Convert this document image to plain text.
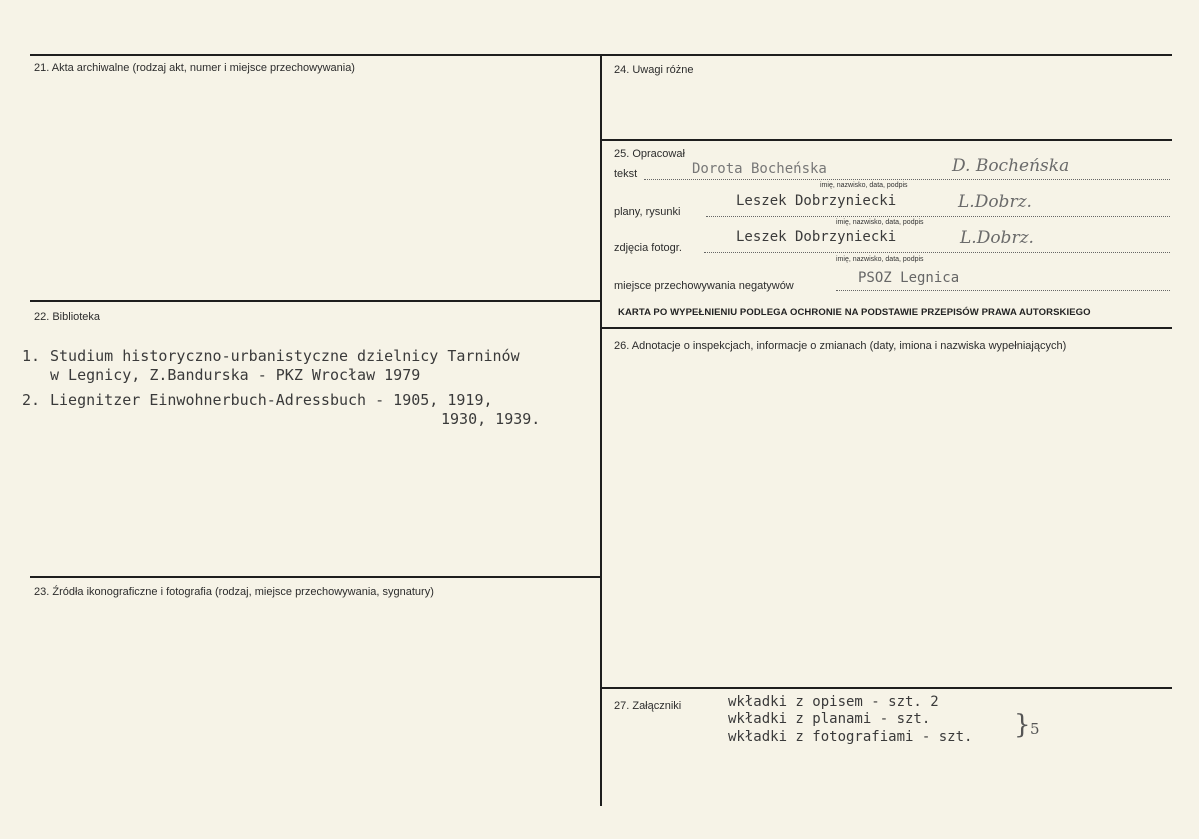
21. Akta archiwalne (rodzaj akt, numer i miejsce przechowywania)
22. Biblioteka
1. Studium historyczno-urbanistyczne dzielnicy Tarninów
w Legnicy, Z.Bandurska - PKZ Wrocław 1979
2. Liegnitzer Einwohnerbuch-Adressbuch - 1905, 1919,
1930, 1939.
23. Źródła ikonograficzne i fotografia (rodzaj, miejsce przechowywania, sygnatury)
24. Uwagi różne
25. Opracował
tekst	Dorota Bocheńska	D. Bocheńska
imię, nazwisko, data, podpis
plany, rysunki
Leszek Dobrzyniecki	L.Dobrz.
imię, nazwisko, data, podpis
zdjęcia fotogr.
Leszek Dobrzyniecki	L.Dobrz.
imię, nazwisko, data, podpis
miejsce przechowywania negatywów	PSOZ Legnica
KARTA PO WYPEŁNIENIU PODLEGA OCHRONIE NA PODSTAWIE PRZEPISÓW PRAWA AUTORSKIEGO
26. Adnotacje o inspekcjach, informacje o zmianach (daty, imiona i nazwiska wypełniających)
27. Załączniki	wkładki z opisem - szt. 2
wkładki z planami - szt.
wkładki z fotografiami - szt. } 5
